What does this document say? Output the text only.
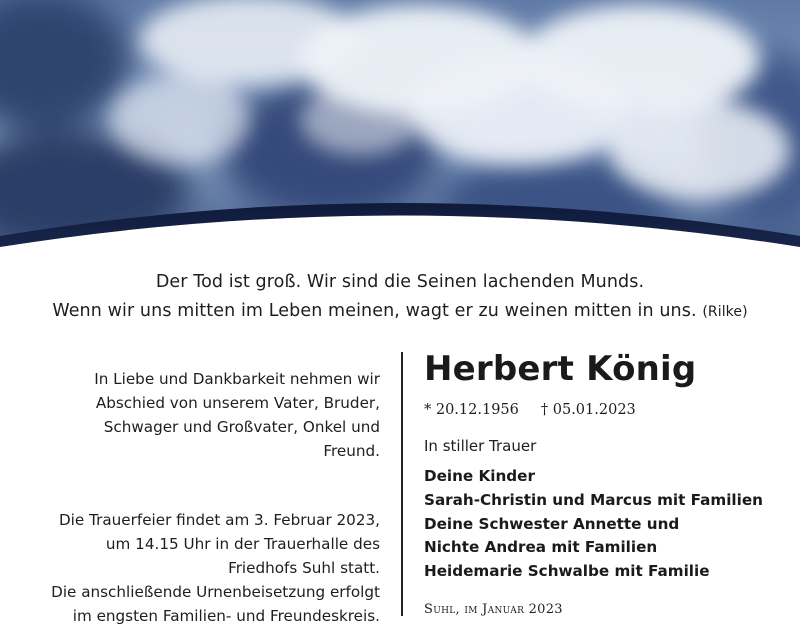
Der Tod ist groß. Wir sind die Seinen lachenden Munds.
Wenn wir uns mitten im Leben meinen, wagt er zu weinen mitten in uns. (Rilke)
In Liebe und Dankbarkeit nehmen wir
Abschied von unserem Vater, Bruder,
Schwager und Großvater, Onkel und
Freund.
Die Trauerfeier findet am 3. Februar 2023,
um 14.15 Uhr in der Trauerhalle des
Friedhofs Suhl statt.
Die anschließende Urnenbeisetzung erfolgt
im engsten Familien- und Freundeskreis.
Herbert König
* 20.12.1956 † 05.01.2023
In stiller Trauer
Deine Kinder
Sarah-Christin und Marcus mit Familien
Deine Schwester Annette und
Nichte Andrea mit Familien
Heidemarie Schwalbe mit Familie
Suhl, im Januar 2023
